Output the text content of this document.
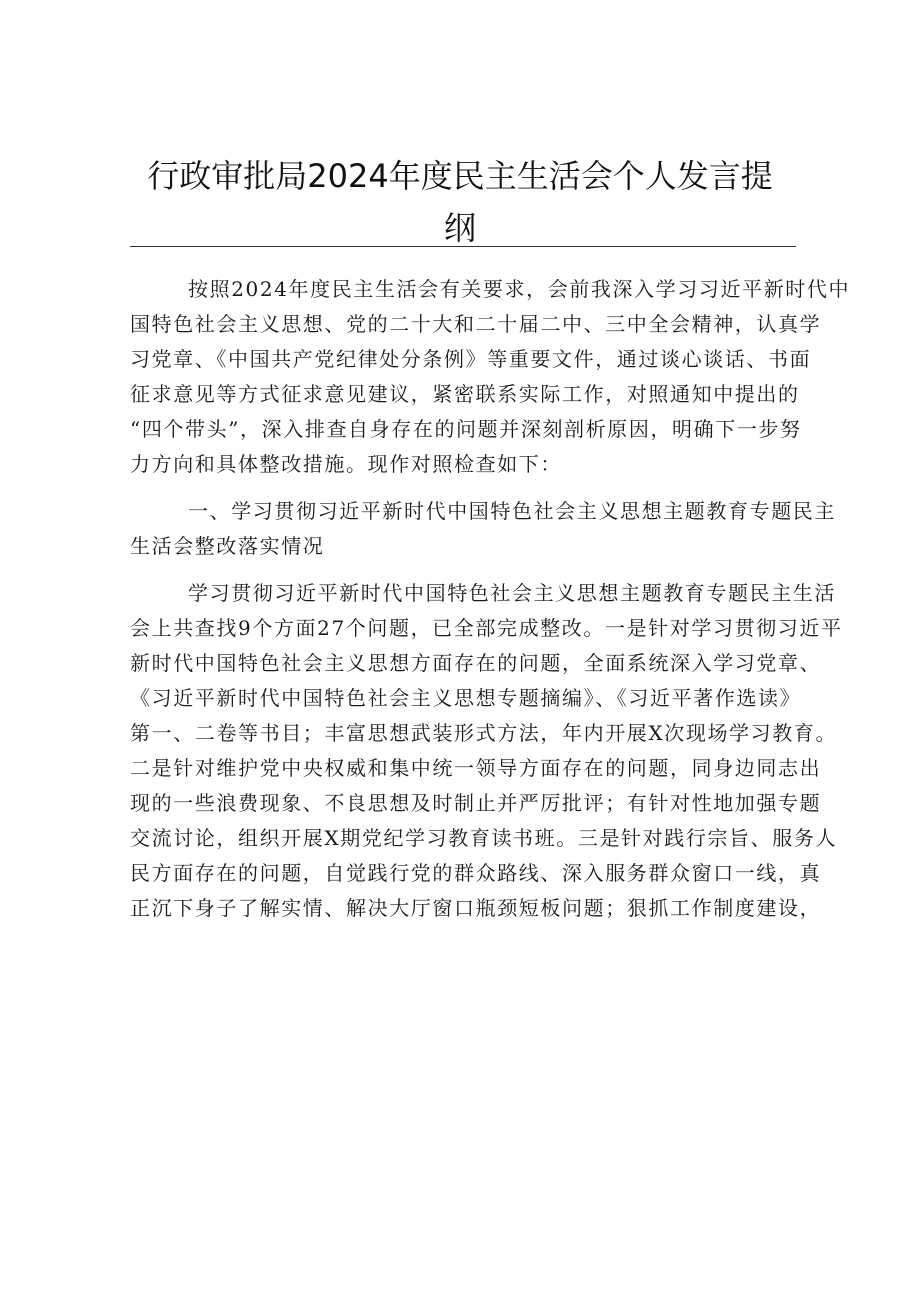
行政审批局2024年度民主生活会个人发言提
纲

按照2024年度民主生活会有关要求，会前我深入学习习近平新时代中
国特色社会主义思想、党的二十大和二十届二中、三中全会精神，认真学
习党章、《中国共产党纪律处分条例》等重要文件，通过谈心谈话、书面
征求意见等方式征求意见建议，紧密联系实际工作，对照通知中提出的
“四个带头”，深入排查自身存在的问题并深刻剖析原因，明确下一步努
力方向和具体整改措施。现作对照检查如下：

一、学习贯彻习近平新时代中国特色社会主义思想主题教育专题民主
生活会整改落实情况

学习贯彻习近平新时代中国特色社会主义思想主题教育专题民主生活
会上共查找9个方面27个问题，已全部完成整改。一是针对学习贯彻习近平
新时代中国特色社会主义思想方面存在的问题，全面系统深入学习党章、
《习近平新时代中国特色社会主义思想专题摘编》、《习近平著作选读》
第一、二卷等书目；丰富思想武装形式方法，年内开展X次现场学习教育。
二是针对维护党中央权威和集中统一领导方面存在的问题，同身边同志出
现的一些浪费现象、不良思想及时制止并严厉批评；有针对性地加强专题
交流讨论，组织开展X期党纪学习教育读书班。三是针对践行宗旨、服务人
民方面存在的问题，自觉践行党的群众路线、深入服务群众窗口一线，真
正沉下身子了解实情、解决大厅窗口瓶颈短板问题；狠抓工作制度建设，
